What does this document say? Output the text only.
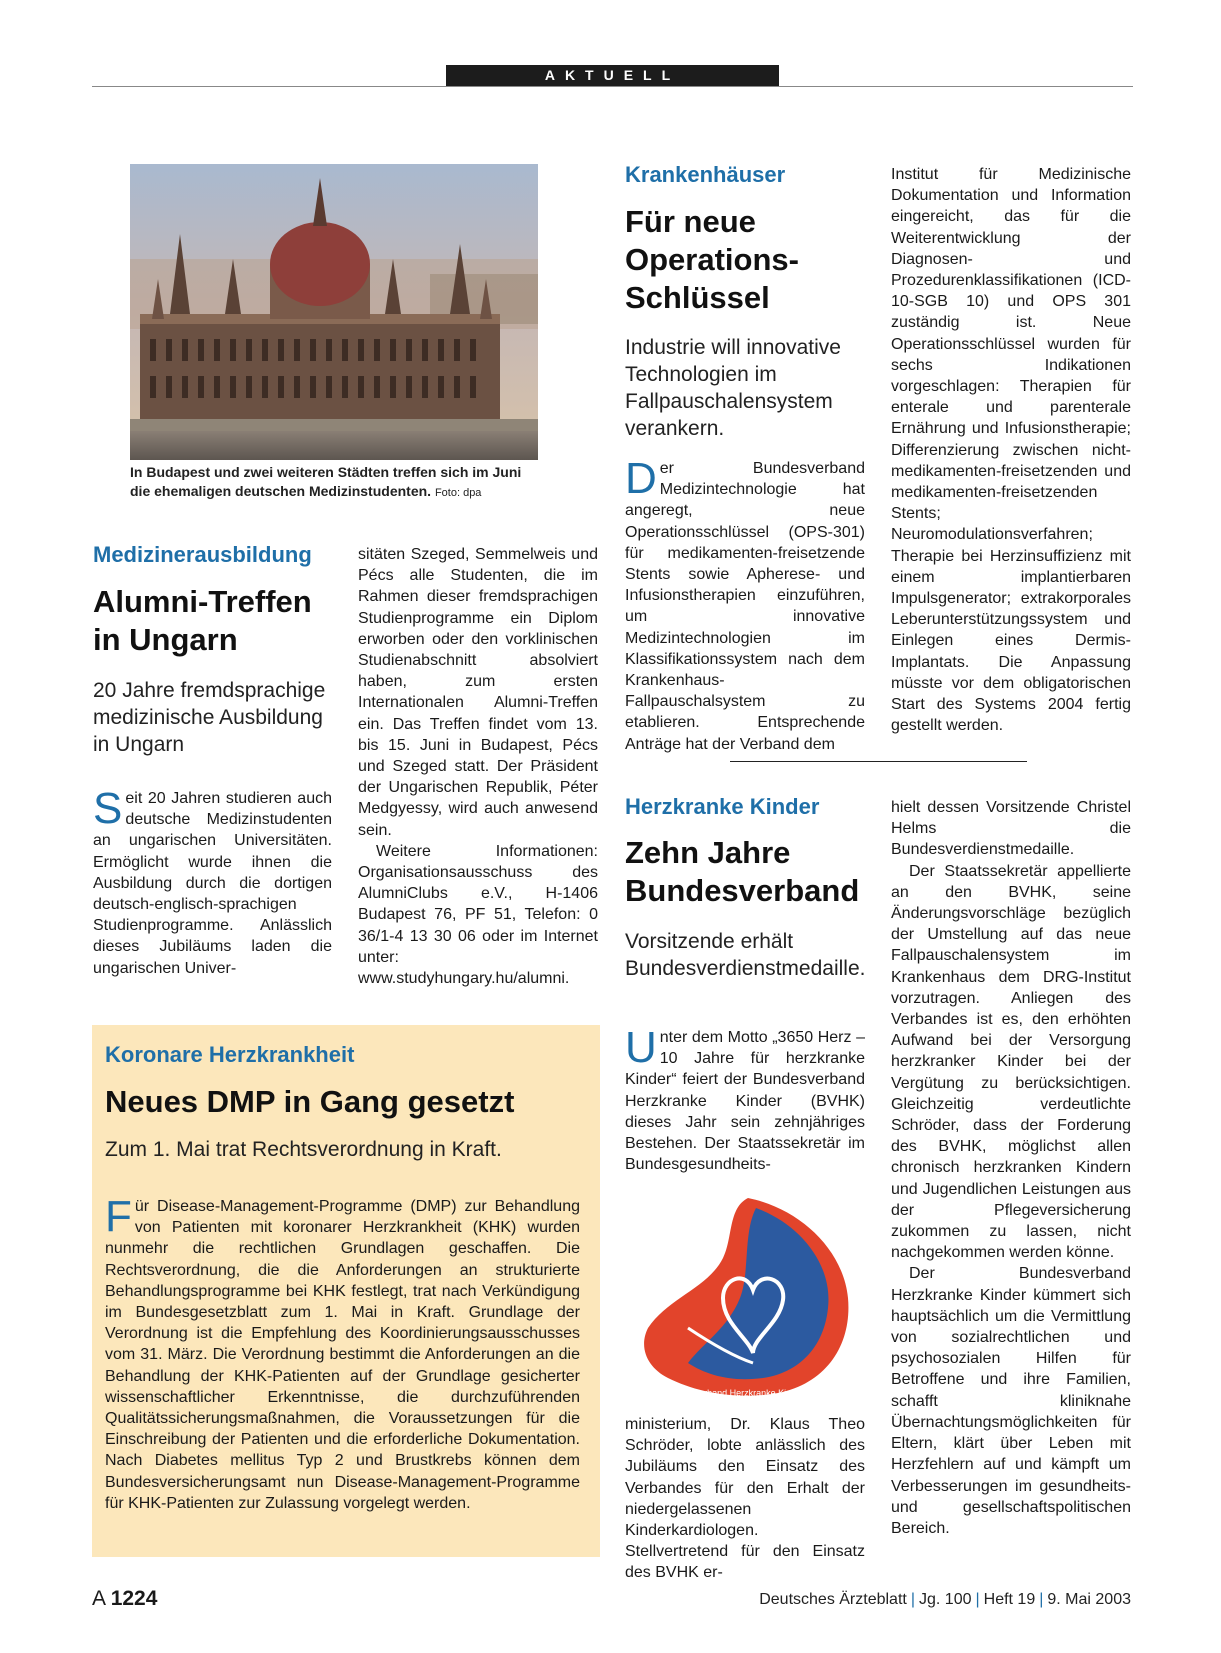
AKTUELL
In Budapest und zwei weiteren Städten treffen sich im Juni die ehemaligen deutschen Medizinstudenten. Foto: dpa
Medizinerausbildung
Alumni-Treffen in Ungarn
20 Jahre fremdsprachige medizinische Ausbildung in Ungarn
Seit 20 Jahren studieren auch deutsche Medizinstudenten an ungarischen Universitäten. Ermöglicht wurde ihnen die Ausbildung durch die dortigen deutsch-englisch-sprachigen Studienprogramme. Anlässlich dieses Jubiläums laden die ungarischen Univer-
sitäten Szeged, Semmelweis und Pécs alle Studenten, die im Rahmen dieser fremdsprachigen Studienprogramme ein Diplom erworben oder den vorklinischen Studienabschnitt absolviert haben, zum ersten Internationalen Alumni-Treffen ein. Das Treffen findet vom 13. bis 15. Juni in Budapest, Pécs und Szeged statt. Der Präsident der Ungarischen Republik, Péter Medgyessy, wird auch anwesend sein.
Weitere Informationen: Organisationsausschuss des AlumniClubs e.V., H-1406 Budapest 76, PF 51, Telefon: 0 36/1-4 13 30 06 oder im Internet unter: www.studyhungary.hu/alumni.
Krankenhäuser
Für neue Operations-Schlüssel
Industrie will innovative Technologien im Fallpauschalensystem verankern.
Der Bundesverband Medizintechnologie hat angeregt, neue Operationsschlüssel (OPS-301) für medikamenten-freisetzende Stents sowie Apherese- und Infusionstherapien einzuführen, um innovative Medizintechnologien im Klassifikationssystem nach dem Krankenhaus-Fallpauschalsystem zu etablieren. Entsprechende Anträge hat der Verband dem
Institut für Medizinische Dokumentation und Information eingereicht, das für die Weiterentwicklung der Diagnosen- und Prozedurenklassifikationen (ICD-10-SGB 10) und OPS 301 zuständig ist. Neue Operationsschlüssel wurden für sechs Indikationen vorgeschlagen: Therapien für enterale und parenterale Ernährung und Infusionstherapie; Differenzierung zwischen nicht-medikamenten-freisetzenden und medikamenten-freisetzenden Stents; Neuromodulationsverfahren; Therapie bei Herzinsuffizienz mit einem implantierbaren Impulsgenerator; extrakorporales Leberunterstützungssystem und Einlegen eines Dermis-Implantats. Die Anpassung müsste vor dem obligatorischen Start des Systems 2004 fertig gestellt werden.
Herzkranke Kinder
Zehn Jahre Bundesverband
Vorsitzende erhält Bundesverdienstmedaille.
Unter dem Motto „3650 Herz – 10 Jahre für herzkranke Kinder“ feiert der Bundesverband Herzkranke Kinder (BVHK) dieses Jahr sein zehnjähriges Bestehen. Der Staatssekretär im Bundesgesundheits-
Bundesverband Herzkranke Kinder e.V.
ministerium, Dr. Klaus Theo Schröder, lobte anlässlich des Jubiläums den Einsatz des Verbandes für den Erhalt der niedergelassenen Kinderkardiologen. Stellvertretend für den Einsatz des BVHK er-
hielt dessen Vorsitzende Christel Helms die Bundesverdienstmedaille.
Der Staatssekretär appellierte an den BVHK, seine Änderungsvorschläge bezüglich der Umstellung auf das neue Fallpauschalensystem im Krankenhaus dem DRG-Institut vorzutragen. Anliegen des Verbandes ist es, den erhöhten Aufwand bei der Versorgung herzkranker Kinder bei der Vergütung zu berücksichtigen. Gleichzeitig verdeutlichte Schröder, dass der Forderung des BVHK, möglichst allen chronisch herzkranken Kindern und Jugendlichen Leistungen aus der Pflegeversicherung zukommen zu lassen, nicht nachgekommen werden könne.
Der Bundesverband Herzkranke Kinder kümmert sich hauptsächlich um die Vermittlung von sozialrechtlichen und psychosozialen Hilfen für Betroffene und ihre Familien, schafft kliniknahe Übernachtungsmöglichkeiten für Eltern, klärt über Leben mit Herzfehlern auf und kämpft um Verbesserungen im gesundheits- und gesellschaftspolitischen Bereich.
Koronare Herzkrankheit
Neues DMP in Gang gesetzt
Zum 1. Mai trat Rechtsverordnung in Kraft.
Für Disease-Management-Programme (DMP) zur Behandlung von Patienten mit koronarer Herzkrankheit (KHK) wurden nunmehr die rechtlichen Grundlagen geschaffen. Die Rechtsverordnung, die die Anforderungen an strukturierte Behandlungsprogramme bei KHK festlegt, trat nach Verkündigung im Bundesgesetzblatt zum 1. Mai in Kraft. Grundlage der Verordnung ist die Empfehlung des Koordinierungsausschusses vom 31. März. Die Verordnung bestimmt die Anforderungen an die Behandlung der KHK-Patienten auf der Grundlage gesicherter wissenschaftlicher Erkenntnisse, die durchzuführenden Qualitätssicherungsmaßnahmen, die Voraussetzungen für die Einschreibung der Patienten und die erforderliche Dokumentation. Nach Diabetes mellitus Typ 2 und Brustkrebs können dem Bundesversicherungsamt nun Disease-Management-Programme für KHK-Patienten zur Zulassung vorgelegt werden.
A 1224	Deutsches Ärzteblatt | Jg. 100 | Heft 19 | 9. Mai 2003
